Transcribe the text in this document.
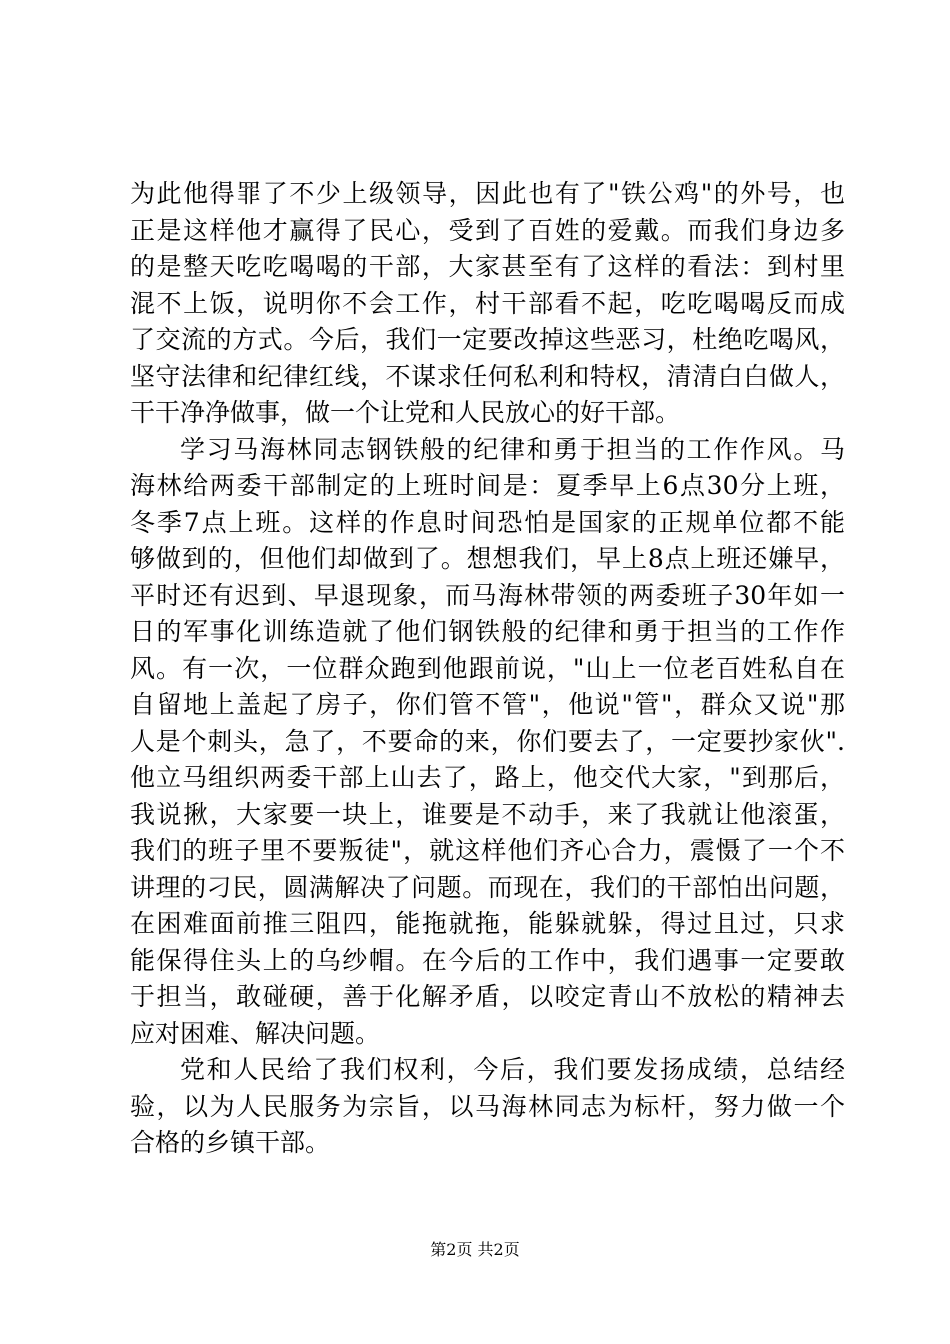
为此他得罪了不少上级领导，因此也有了"铁公鸡"的外号，也
正是这样他才赢得了民心，受到了百姓的爱戴。而我们身边多
的是整天吃吃喝喝的干部，大家甚至有了这样的看法：到村里
混不上饭，说明你不会工作，村干部看不起，吃吃喝喝反而成
了交流的方式。今后，我们一定要改掉这些恶习，杜绝吃喝风，
坚守法律和纪律红线，不谋求任何私利和特权，清清白白做人，
干干净净做事，做一个让党和人民放心的好干部。
学习马海林同志钢铁般的纪律和勇于担当的工作作风。马
海林给两委干部制定的上班时间是：夏季早上6点30分上班，
冬季7点上班。这样的作息时间恐怕是国家的正规单位都不能
够做到的，但他们却做到了。想想我们，早上8点上班还嫌早，
平时还有迟到、早退现象，而马海林带领的两委班子30年如一
日的军事化训练造就了他们钢铁般的纪律和勇于担当的工作作
风。有一次，一位群众跑到他跟前说，"山上一位老百姓私自在
自留地上盖起了房子，你们管不管"，他说"管"，群众又说"那
人是个刺头，急了，不要命的来，你们要去了，一定要抄家伙".
他立马组织两委干部上山去了，路上，他交代大家，"到那后，
我说揪，大家要一块上，谁要是不动手，来了我就让他滚蛋，
我们的班子里不要叛徒"，就这样他们齐心合力，震慑了一个不
讲理的刁民，圆满解决了问题。而现在，我们的干部怕出问题，
在困难面前推三阻四，能拖就拖，能躲就躲，得过且过，只求
能保得住头上的乌纱帽。在今后的工作中，我们遇事一定要敢
于担当，敢碰硬，善于化解矛盾，以咬定青山不放松的精神去
应对困难、解决问题。
党和人民给了我们权利，今后，我们要发扬成绩，总结经
验，以为人民服务为宗旨，以马海林同志为标杆，努力做一个
合格的乡镇干部。
第2页 共2页
